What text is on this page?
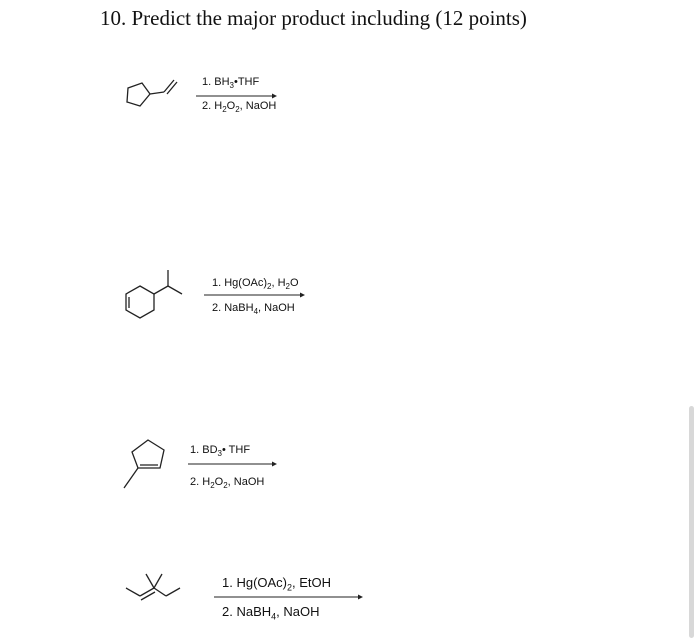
10. Predict the major product including (12 points)
1. $BH_3•THF$
2. $H_2O_2$, NaOH
1. $Hg(OAc)_2$, $H_2O$
2. NaBH$_4$, NaOH
1. $BD_3•$ THF
2. $H_2O_2$, NaOH
1. $Hg(OAc)_2$, EtOH
2. NaBH$_4$, NaOH
